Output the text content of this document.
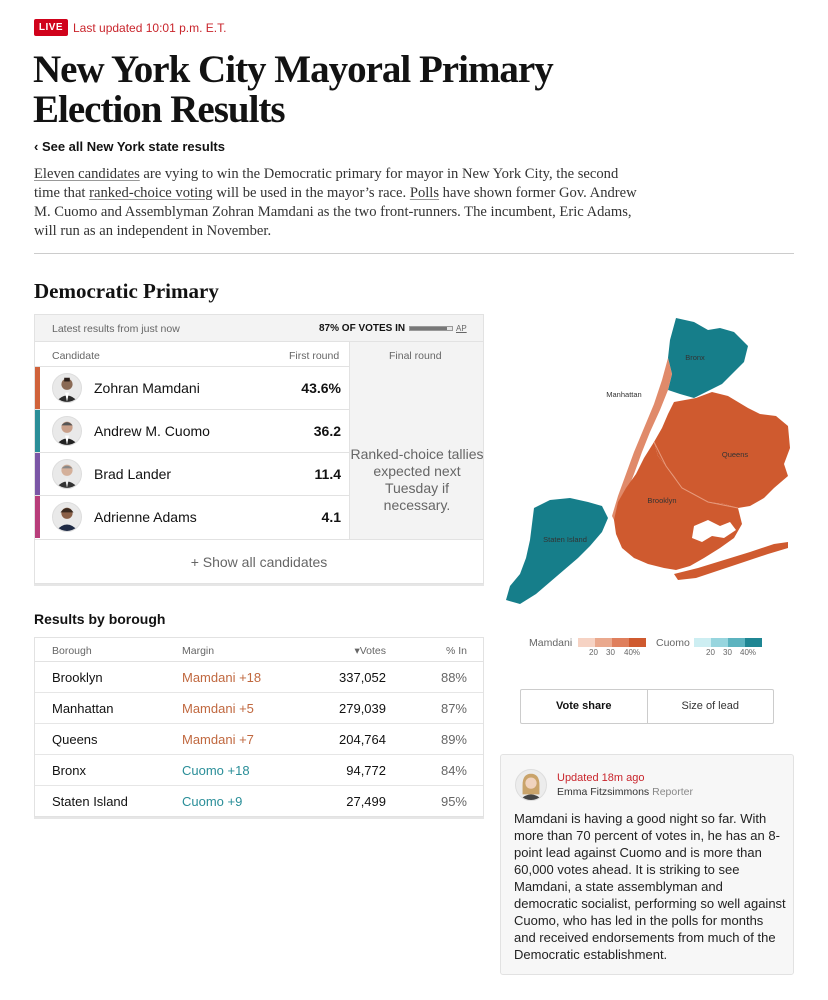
LIVE Last updated 10:01 p.m. E.T.
New York City Mayoral Primary Election Results
‹ See all New York state results

Eleven candidates are vying to win the Democratic primary for mayor in New York City, the second time that ranked-choice voting will be used in the mayor’s race. Polls have shown former Gov. Andrew M. Cuomo and Assemblyman Zohran Mamdani as the two front-runners. The incumbent, Eric Adams, will run as an independent in November.

Democratic Primary
Latest results from just now	87% OF VOTES IN	AP
Ranked-choice tallies expected next Tuesday if necessary.
Candidate	First round	Final round
Zohran Mamdani	43.6%
Andrew M. Cuomo	36.2
Brad Lander	11.4
Adrienne Adams	4.1
+ Show all candidates
Results by borough
Borough	Margin	▾Votes	% In
Brooklyn	Mamdani +18	337,052	88%
Manhattan	Mamdani +5	279,039	87%
Queens	Mamdani +7	204,764	89%
Bronx	Cuomo +18	94,772	84%
Staten Island	Cuomo +9	27,499	95%
Bronx
Manhattan
Queens
Brooklyn
Staten Island
Mamdani
20 30 40%
Cuomo
20 30 40%
Vote share	Size of lead
Updated 18m ago
Emma Fitzsimmons Reporter
Mamdani is having a good night so far. With more than 70 percent of votes in, he has an 8-point lead against Cuomo and is more than 60,000 votes ahead. It is striking to see Mamdani, a state assemblyman and democratic socialist, performing so well against Cuomo, who has led in the polls for months and received endorsements from much of the Democratic establishment.
